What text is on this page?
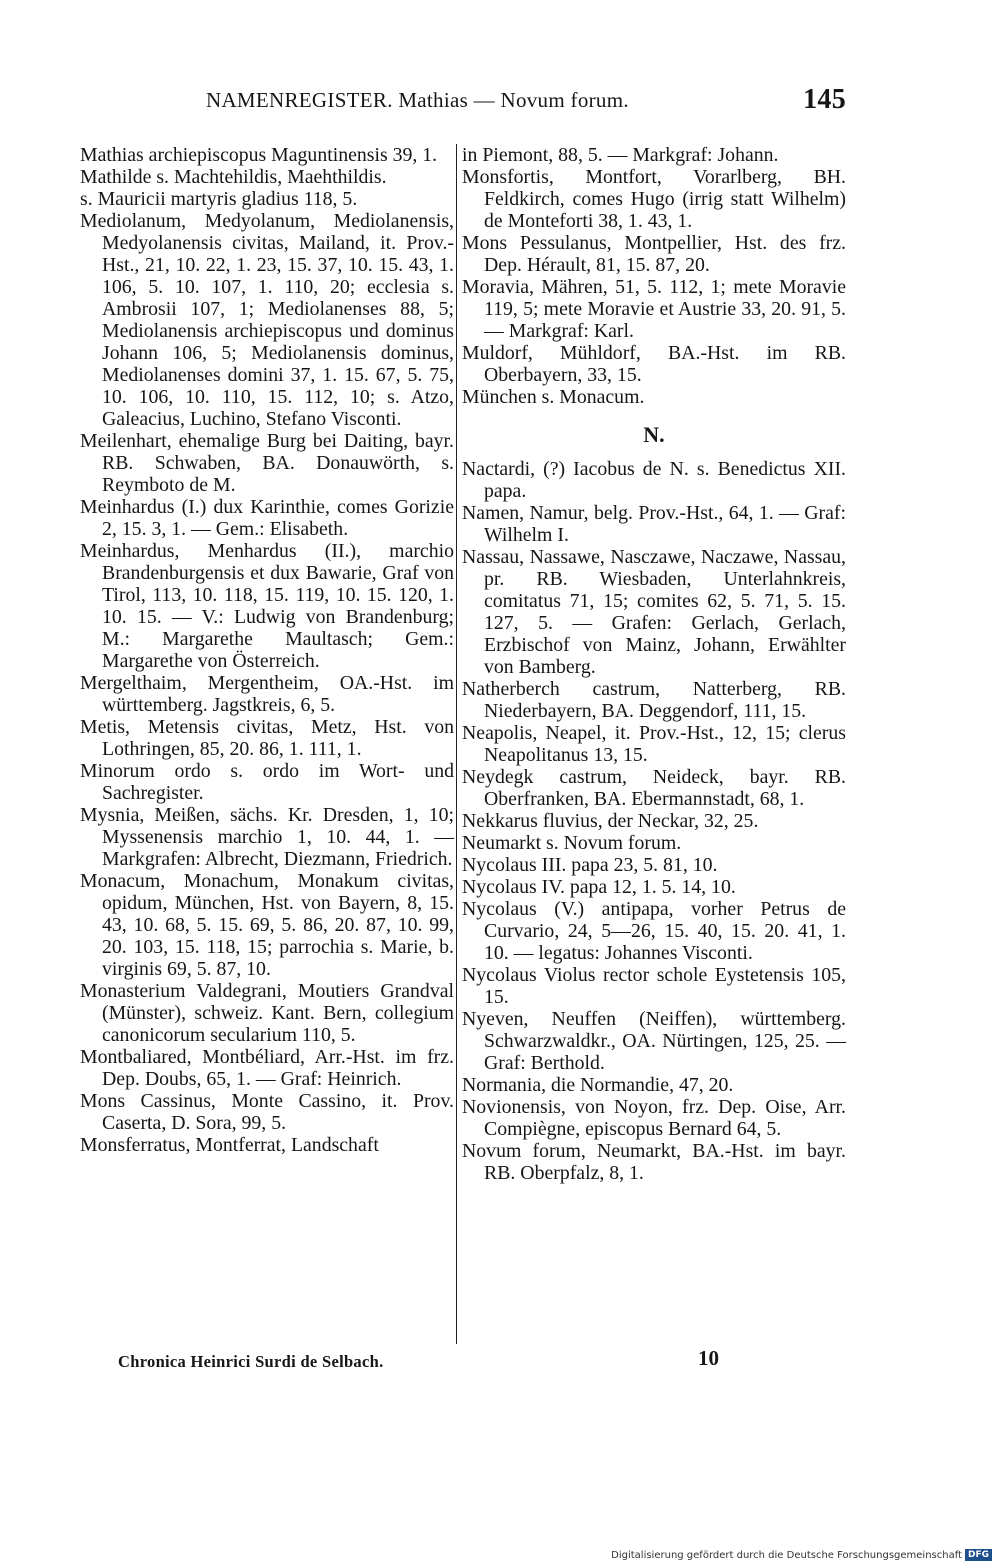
NAMENREGISTER. Mathias — Novum forum.	145

Mathias archiepiscopus Maguntinensis 39, 1.

Mathilde s. Machtehildis, Maehthildis.

s. Mauricii martyris gladius 118, 5.

Mediolanum, Medyolanum, Mediolanensis, Medyolanensis civitas, Mailand, it. Prov.-Hst., 21, 10. 22, 1. 23, 15. 37, 10. 15. 43, 1. 106, 5. 10. 107, 1. 110, 20; ecclesia s. Ambrosii 107, 1; Mediolanenses 88, 5; Mediolanensis archiepiscopus und dominus Johann 106, 5; Mediolanensis dominus, Mediolanenses domini 37, 1. 15. 67, 5. 75, 10. 106, 10. 110, 15. 112, 10; s. Atzo, Galeacius, Luchino, Stefano Visconti.

Meilenhart, ehemalige Burg bei Daiting, bayr. RB. Schwaben, BA. Donauwörth, s. Reymboto de M.

Meinhardus (I.) dux Karinthie, comes Gorizie 2, 15. 3, 1. — Gem.: Elisabeth.

Meinhardus, Menhardus (II.), marchio Brandenburgensis et dux Bawarie, Graf von Tirol, 113, 10. 118, 15. 119, 10. 15. 120, 1. 10. 15. — V.: Ludwig von Brandenburg; M.: Margarethe Maultasch; Gem.: Margarethe von Österreich.

Mergelthaim, Mergentheim, OA.-Hst. im württemberg. Jagstkreis, 6, 5.

Metis, Metensis civitas, Metz, Hst. von Lothringen, 85, 20. 86, 1. 111, 1.

Minorum ordo s. ordo im Wort- und Sachregister.

Mysnia, Meißen, sächs. Kr. Dresden, 1, 10; Myssenensis marchio 1, 10. 44, 1. — Markgrafen: Albrecht, Diezmann, Friedrich.

Monacum, Monachum, Monakum civitas, opidum, München, Hst. von Bayern, 8, 15. 43, 10. 68, 5. 15. 69, 5. 86, 20. 87, 10. 99, 20. 103, 15. 118, 15; parrochia s. Marie, b. virginis 69, 5. 87, 10.

Monasterium Valdegrani, Moutiers Grandval (Münster), schweiz. Kant. Bern, collegium canonicorum secularium 110, 5.

Montbaliared, Montbéliard, Arr.-Hst. im frz. Dep. Doubs, 65, 1. — Graf: Heinrich.

Mons Cassinus, Monte Cassino, it. Prov. Caserta, D. Sora, 99, 5.

Monsferratus, Montferrat, Landschaft

in Piemont, 88, 5. — Markgraf: Johann.

Monsfortis, Montfort, Vorarlberg, BH. Feldkirch, comes Hugo (irrig statt Wilhelm) de Monteforti 38, 1. 43, 1.

Mons Pessulanus, Montpellier, Hst. des frz. Dep. Hérault, 81, 15. 87, 20.

Moravia, Mähren, 51, 5. 112, 1; mete Moravie 119, 5; mete Moravie et Austrie 33, 20. 91, 5. — Markgraf: Karl.

Muldorf, Mühldorf, BA.-Hst. im RB. Oberbayern, 33, 15.

München s. Monacum.

N.

Nactardi, (?) Iacobus de N. s. Benedictus XII. papa.

Namen, Namur, belg. Prov.-Hst., 64, 1. — Graf: Wilhelm I.

Nassau, Nassawe, Nasczawe, Naczawe, Nassau, pr. RB. Wiesbaden, Unterlahnkreis, comitatus 71, 15; comites 62, 5. 71, 5. 15. 127, 5. — Grafen: Gerlach, Gerlach, Erzbischof von Mainz, Johann, Erwählter von Bamberg.

Natherberch castrum, Natterberg, RB. Niederbayern, BA. Deggendorf, 111, 15.

Neapolis, Neapel, it. Prov.-Hst., 12, 15; clerus Neapolitanus 13, 15.

Neydegk castrum, Neideck, bayr. RB. Oberfranken, BA. Ebermannstadt, 68, 1.

Nekkarus fluvius, der Neckar, 32, 25.

Neumarkt s. Novum forum.

Nycolaus III. papa 23, 5. 81, 10.

Nycolaus IV. papa 12, 1. 5. 14, 10.

Nycolaus (V.) antipapa, vorher Petrus de Curvario, 24, 5—26, 15. 40, 15. 20. 41, 1. 10. — legatus: Johannes Visconti.

Nycolaus Violus rector schole Eystetensis 105, 15.

Nyeven, Neuffen (Neiffen), württemberg. Schwarzwaldkr., OA. Nürtingen, 125, 25. — Graf: Berthold.

Normania, die Normandie, 47, 20.

Novionensis, von Noyon, frz. Dep. Oise, Arr. Compiègne, episcopus Bernard 64, 5.

Novum forum, Neumarkt, BA.-Hst. im bayr. RB. Oberpfalz, 8, 1.

Chronica Heinrici Surdi de Selbach.	10
Digitalisierung gefördert durch die Deutsche Forschungsgemeinschaft DFG
